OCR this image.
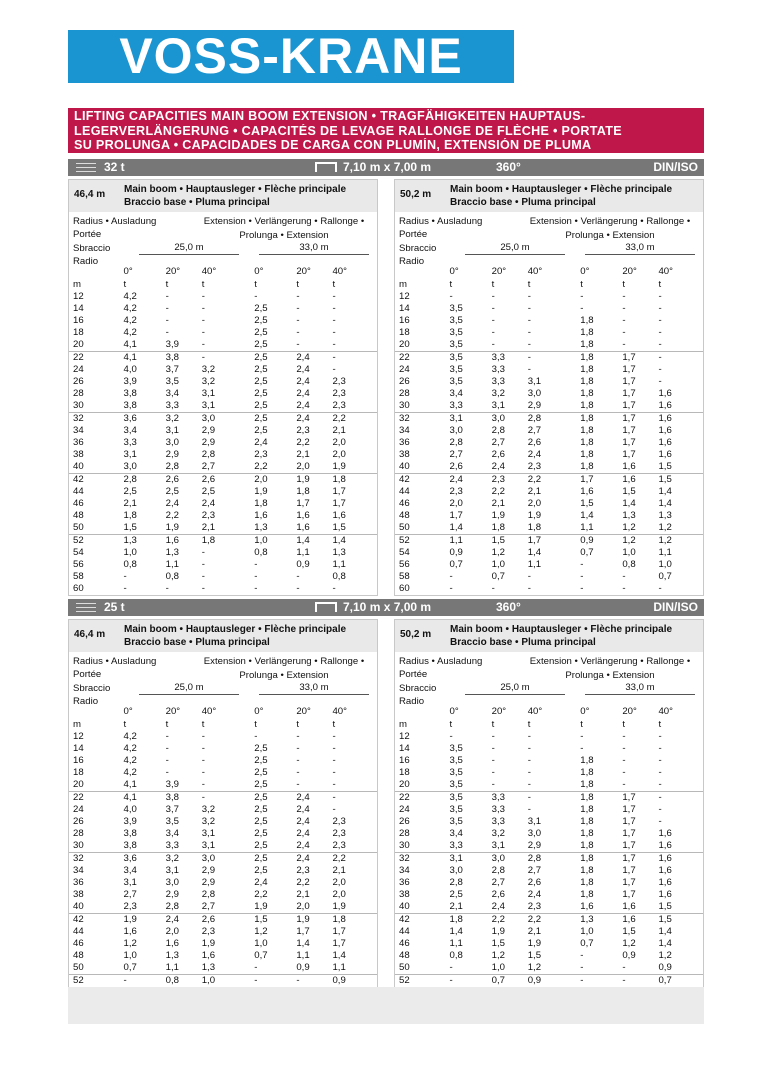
VOSS-KRANE
LIFTING CAPACITIES MAIN BOOM EXTENSION • TRAGFÄHIGKEITEN HAUPTAUS-
LEGERVERLÄNGERUNG • CAPACITÉS DE LEVAGE RALLONGE DE FLÈCHE • PORTATE
SU PROLUNGA • CAPACIDADES DE CARGA CON PLUMÍN, EXTENSIÓN DE PLUMA
32 t	7,10 m x 7,00 m	360°	DIN/ISO
46,4 m	Main boom • Hauptausleger • Flèche principale
Braccio base • Pluma principal
Radius • Ausladung
Portée
Sbraccio
Radio
Extension • Verlängerung • Rallonge •
Prolunga • Extension
25,0 m	33,0 m
	0°	20°	40°	0°	20°	40°
m	t	t	t	t	t	t
12	4,2	-	-	-	-	-
14	4,2	-	-	2,5	-	-
16	4,2	-	-	2,5	-	-
18	4,2	-	-	2,5	-	-
20	4,1	3,9	-	2,5	-	-
22	4,1	3,8	-	2,5	2,4	-
24	4,0	3,7	3,2	2,5	2,4	-
26	3,9	3,5	3,2	2,5	2,4	2,3
28	3,8	3,4	3,1	2,5	2,4	2,3
30	3,8	3,3	3,1	2,5	2,4	2,3
32	3,6	3,2	3,0	2,5	2,4	2,2
34	3,4	3,1	2,9	2,5	2,3	2,1
36	3,3	3,0	2,9	2,4	2,2	2,0
38	3,1	2,9	2,8	2,3	2,1	2,0
40	3,0	2,8	2,7	2,2	2,0	1,9
42	2,8	2,6	2,6	2,0	1,9	1,8
44	2,5	2,5	2,5	1,9	1,8	1,7
46	2,1	2,4	2,4	1,8	1,7	1,7
48	1,8	2,2	2,3	1,6	1,6	1,6
50	1,5	1,9	2,1	1,3	1,6	1,5
52	1,3	1,6	1,8	1,0	1,4	1,4
54	1,0	1,3	-	0,8	1,1	1,3
56	0,8	1,1	-	-	0,9	1,1
58	-	0,8	-	-	-	0,8
60	-	-	-	-	-	-
50,2 m	Main boom • Hauptausleger • Flèche principale
Braccio base • Pluma principal
Radius • Ausladung
Portée
Sbraccio
Radio
Extension • Verlängerung • Rallonge •
Prolunga • Extension
25,0 m	33,0 m
	0°	20°	40°	0°	20°	40°
m	t	t	t	t	t	t
12	-	-	-	-	-	-
14	3,5	-	-	-	-	-
16	3,5	-	-	1,8	-	-
18	3,5	-	-	1,8	-	-
20	3,5	-	-	1,8	-	-
22	3,5	3,3	-	1,8	1,7	-
24	3,5	3,3	-	1,8	1,7	-
26	3,5	3,3	3,1	1,8	1,7	-
28	3,4	3,2	3,0	1,8	1,7	1,6
30	3,3	3,1	2,9	1,8	1,7	1,6
32	3,1	3,0	2,8	1,8	1,7	1,6
34	3,0	2,8	2,7	1,8	1,7	1,6
36	2,8	2,7	2,6	1,8	1,7	1,6
38	2,7	2,6	2,4	1,8	1,7	1,6
40	2,6	2,4	2,3	1,8	1,6	1,5
42	2,4	2,3	2,2	1,7	1,6	1,5
44	2,3	2,2	2,1	1,6	1,5	1,4
46	2,0	2,1	2,0	1,5	1,4	1,4
48	1,7	1,9	1,9	1,4	1,3	1,3
50	1,4	1,8	1,8	1,1	1,2	1,2
52	1,1	1,5	1,7	0,9	1,2	1,2
54	0,9	1,2	1,4	0,7	1,0	1,1
56	0,7	1,0	1,1	-	0,8	1,0
58	-	0,7	-	-	-	0,7
60	-	-	-	-	-	-
25 t	7,10 m x 7,00 m	360°	DIN/ISO
46,4 m	Main boom • Hauptausleger • Flèche principale
Braccio base • Pluma principal
Radius • Ausladung
Portée
Sbraccio
Radio
Extension • Verlängerung • Rallonge •
Prolunga • Extension
25,0 m	33,0 m
	0°	20°	40°	0°	20°	40°
m	t	t	t	t	t	t
12	4,2	-	-	-	-	-
14	4,2	-	-	2,5	-	-
16	4,2	-	-	2,5	-	-
18	4,2	-	-	2,5	-	-
20	4,1	3,9	-	2,5	-	-
22	4,1	3,8	-	2,5	2,4	-
24	4,0	3,7	3,2	2,5	2,4	-
26	3,9	3,5	3,2	2,5	2,4	2,3
28	3,8	3,4	3,1	2,5	2,4	2,3
30	3,8	3,3	3,1	2,5	2,4	2,3
32	3,6	3,2	3,0	2,5	2,4	2,2
34	3,4	3,1	2,9	2,5	2,3	2,1
36	3,1	3,0	2,9	2,4	2,2	2,0
38	2,7	2,9	2,8	2,2	2,1	2,0
40	2,3	2,8	2,7	1,9	2,0	1,9
42	1,9	2,4	2,6	1,5	1,9	1,8
44	1,6	2,0	2,3	1,2	1,7	1,7
46	1,2	1,6	1,9	1,0	1,4	1,7
48	1,0	1,3	1,6	0,7	1,1	1,4
50	0,7	1,1	1,3	-	0,9	1,1
52	-	0,8	1,0	-	-	0,9
50,2 m	Main boom • Hauptausleger • Flèche principale
Braccio base • Pluma principal
Radius • Ausladung
Portée
Sbraccio
Radio
Extension • Verlängerung • Rallonge •
Prolunga • Extension
25,0 m	33,0 m
	0°	20°	40°	0°	20°	40°
m	t	t	t	t	t	t
12	-	-	-	-	-	-
14	3,5	-	-	-	-	-
16	3,5	-	-	1,8	-	-
18	3,5	-	-	1,8	-	-
20	3,5	-	-	1,8	-	-
22	3,5	3,3	-	1,8	1,7	-
24	3,5	3,3	-	1,8	1,7	-
26	3,5	3,3	3,1	1,8	1,7	-
28	3,4	3,2	3,0	1,8	1,7	1,6
30	3,3	3,1	2,9	1,8	1,7	1,6
32	3,1	3,0	2,8	1,8	1,7	1,6
34	3,0	2,8	2,7	1,8	1,7	1,6
36	2,8	2,7	2,6	1,8	1,7	1,6
38	2,5	2,6	2,4	1,8	1,7	1,6
40	2,1	2,4	2,3	1,6	1,6	1,5
42	1,8	2,2	2,2	1,3	1,6	1,5
44	1,4	1,9	2,1	1,0	1,5	1,4
46	1,1	1,5	1,9	0,7	1,2	1,4
48	0,8	1,2	1,5	-	0,9	1,2
50	-	1,0	1,2	-	-	0,9
52	-	0,7	0,9	-	-	0,7
